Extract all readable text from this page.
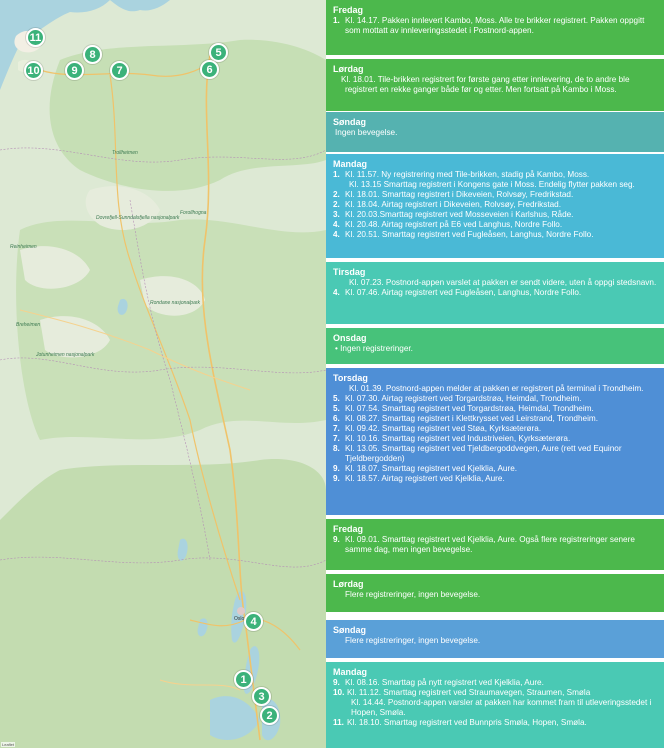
Trollheimen
Dovrefjell-Sunndalsfjella nasjonalpark
Reinheimen
Rondane nasjonalpark
Jotunheimen nasjonalpark
Breheimen
Forollhogna
Oslo
11
8	5
10	9	7	6
4
1
3
2
Leaflet
Fredag
1. Kl. 14.17. Pakken innlevert Kambo, Moss. Alle tre brikker registrert. Pakken oppgitt som mottatt av innleveringsstedet i Postnord-appen.
Lørdag
Kl. 18.01. Tile-brikken registrert for første gang etter innlevering, de to andre ble registrert en rekke ganger både før og etter. Men fortsatt på Kambo i Moss.
Søndag
Ingen bevegelse.
Mandag
1. Kl. 11.57. Ny registrering med Tile-brikken, stadig på Kambo, Moss.
Kl. 13.15 Smarttag registrert i Kongens gate i Moss. Endelig flytter pakken seg.
2. Kl. 18.01. Smarttag registrert i Dikeveien, Rolvsøy, Fredrikstad.
2. Kl. 18.04. Airtag registrert i Dikeveien, Rolvsøy, Fredrikstad.
3. Kl. 20.03.Smarttag registrert ved Mosseveien i Karlshus, Råde.
4. Kl. 20.48. Airtag registrert på E6 ved Langhus, Nordre Follo.
4. Kl. 20.51. Smarttag registrert ved Fugleåsen, Langhus, Nordre Follo.
Tirsdag
Kl. 07.23. Postnord-appen varslet at pakken er sendt videre, uten å oppgi stedsnavn.
4. Kl. 07.46. Airtag registrert ved Fugleåsen, Langhus, Nordre Follo.
Onsdag
• Ingen registreringer.
Torsdag
Kl. 01.39. Postnord-appen melder at pakken er registrert på terminal i Trondheim.
5. Kl. 07.30. Airtag registrert ved Torgardstrøa, Heimdal, Trondheim.
5. Kl. 07.54. Smarttag registrert ved Torgardstrøa, Heimdal, Trondheim.
6. Kl. 08.27. Smarttag registrert i Klettkrysset ved Leirstrand, Trondheim.
7. Kl. 09.42. Smarttag registrert ved Støa, Kyrksæterøra.
7. Kl. 10.16. Smarttag registrert ved Industriveien, Kyrksæterøra.
8. Kl. 13.05. Smarttag registrert ved Tjeldbergoddvegen, Aure (rett ved Equinor Tjeldbergodden)
9. Kl. 18.07. Smarttag registrert ved Kjelklia, Aure.
9. Kl. 18.57. Airtag registrert ved Kjelklia, Aure.
Fredag
9. Kl. 09.01. Smarttag registrert ved Kjelklia, Aure. Også flere registreringer senere samme dag, men ingen bevegelse.
Lørdag
Flere registreringer, ingen bevegelse.
Søndag
Flere registreringer, ingen bevegelse.
Mandag
9. Kl. 08.16. Smarttag på nytt registrert ved Kjelklia, Aure.
10. Kl. 11.12. Smarttag registrert ved Straumavegen, Straumen, Smøla
Kl. 14.44. Postnord-appen varsler at pakken har kommet fram til utleveringsstedet i Hopen, Smøla.
11. Kl. 18.10. Smarttag registrert ved Bunnpris Smøla, Hopen, Smøla.
